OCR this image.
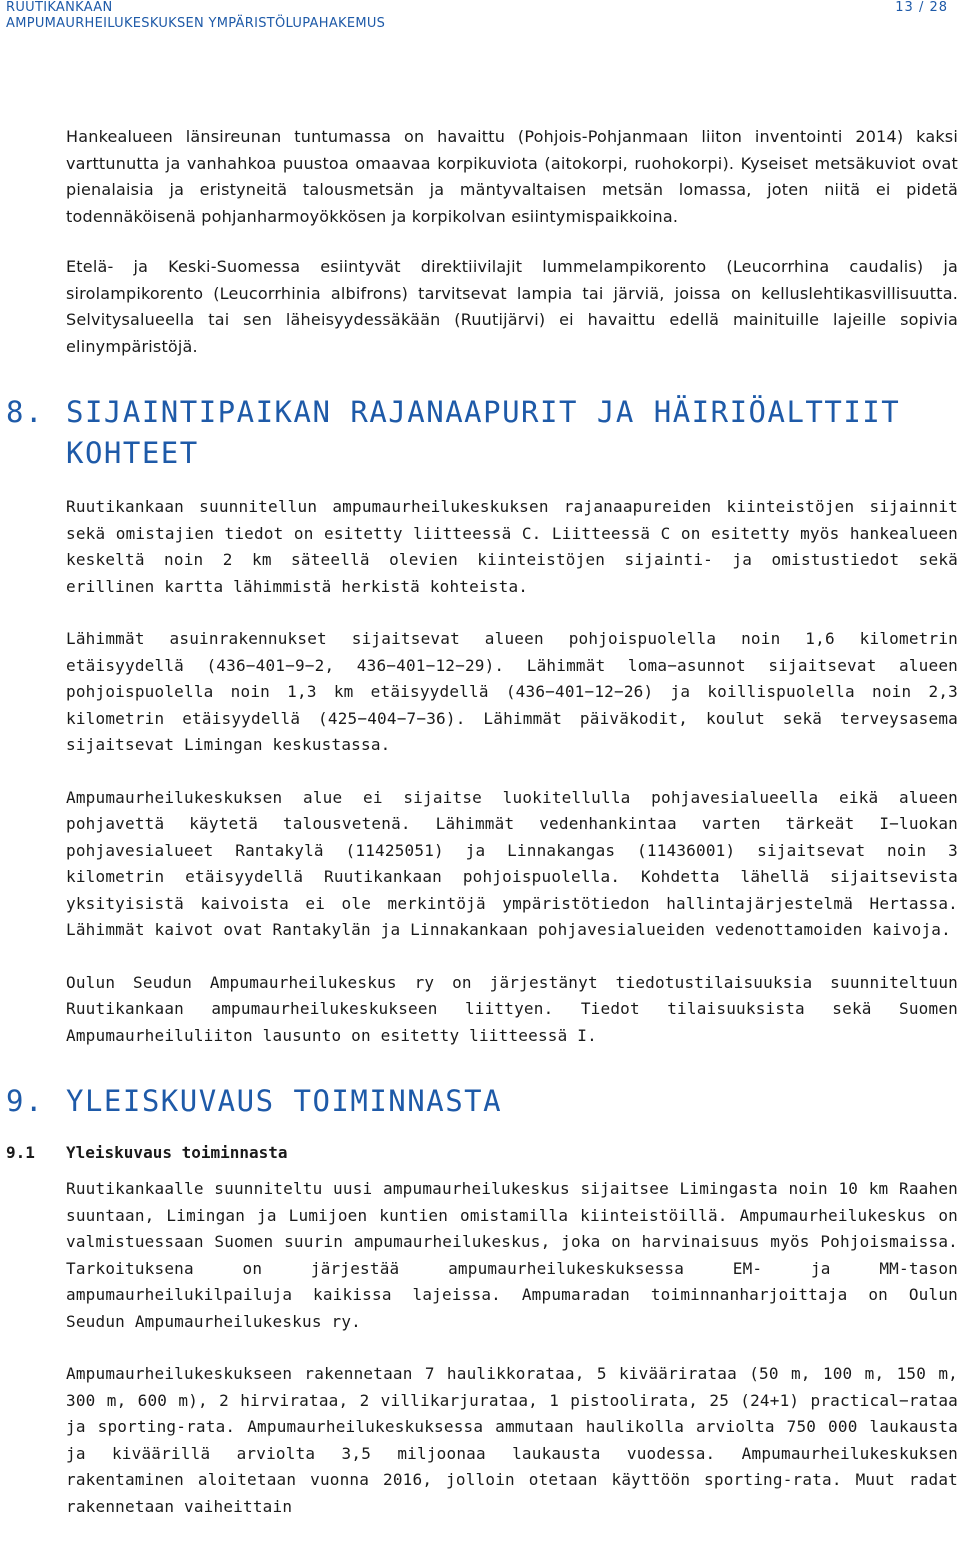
RUUTIKANKAAN
AMPUMAURHEILUKESKUKSEN YMPÄRISTÖLUPAHAKEMUS
13 / 28

Hankealueen länsireunan tuntumassa on havaittu (Pohjois-Pohjanmaan liiton inventointi 2014) kaksi varttunutta ja vanhahkoa puustoa omaavaa korpikuviota (aitokorpi, ruohokorpi). Kyseiset metsäkuviot ovat pienalaisia ja eristyneitä talousmetsän ja mäntyvaltaisen metsän lomassa, joten niitä ei pidetä todennäköisenä pohjanharmoyökkösen ja korpikolvan esiintymispaikkoina.

Etelä- ja Keski-Suomessa esiintyvät direktiivilajit lummelampikorento (Leucorrhina caudalis) ja sirolampikorento (Leucorrhinia albifrons) tarvitsevat lampia tai järviä, joissa on kelluslehtikasvillisuutta. Selvitysalueella tai sen läheisyydessäkään (Ruutijärvi) ei havaittu edellä mainituille lajeille sopivia elinympäristöjä.

8. SIJAINTIPAIKAN RAJANAAPURIT JA HÄIRIÖALTTIIT KOHTEET

Ruutikankaan suunnitellun ampumaurheilukeskuksen rajanaapureiden kiinteistöjen sijainnit sekä omistajien tiedot on esitetty liitteessä C. Liitteessä C on esitetty myös hankealueen keskeltä noin 2 km säteellä olevien kiinteistöjen sijainti- ja omistustiedot sekä erillinen kartta lähimmistä herkistä kohteista.

Lähimmät asuinrakennukset sijaitsevat alueen pohjoispuolella noin 1,6 kilometrin etäisyydellä (436−401−9−2, 436−401−12−29). Lähimmät loma−asunnot sijaitsevat alueen pohjoispuolella noin 1,3 km etäisyydellä (436−401−12−26) ja koillispuolella noin 2,3 kilometrin etäisyydellä (425−404−7−36). Lähimmät päiväkodit, koulut sekä terveysasema sijaitsevat Limingan keskustassa.

Ampumaurheilukeskuksen alue ei sijaitse luokitellulla pohjavesialueella eikä alueen pohjavettä käytetä talousvetenä. Lähimmät vedenhankintaa varten tärkeät I−luokan pohjavesialueet Rantakylä (11425051) ja Linnakangas (11436001) sijaitsevat noin 3 kilometrin etäisyydellä Ruutikankaan pohjoispuolella. Kohdetta lähellä sijaitsevista yksityisistä kaivoista ei ole merkintöjä ympäristötiedon hallintajärjestelmä Hertassa. Lähimmät kaivot ovat Rantakylän ja Linnakankaan pohjavesialueiden vedenottamoiden kaivoja.

Oulun Seudun Ampumaurheilukeskus ry on järjestänyt tiedotustilaisuuksia suunniteltuun Ruutikankaan ampumaurheilukeskukseen liittyen. Tiedot tilaisuuksista sekä Suomen Ampumaurheiluliiton lausunto on esitetty liitteessä I.

9. YLEISKUVAUS TOIMINNASTA
9.1 Yleiskuvaus toiminnasta

Ruutikankaalle suunniteltu uusi ampumaurheilukeskus sijaitsee Limingasta noin 10 km Raahen suuntaan, Limingan ja Lumijoen kuntien omistamilla kiinteistöillä. Ampumaurheilukeskus on valmistuessaan Suomen suurin ampumaurheilukeskus, joka on harvinaisuus myös Pohjoismaissa. Tarkoituksena on järjestää ampumaurheilukeskuksessa EM- ja MM-tason ampumaurheilukilpailuja kaikissa lajeissa. Ampumaradan toiminnanharjoittaja on Oulun Seudun Ampumaurheilukeskus ry.

Ampumaurheilukeskukseen rakennetaan 7 haulikkorataa, 5 kivääriratаa (50 m, 100 m, 150 m, 300 m, 600 m), 2 hirvirataa, 2 villikarjurataa, 1 pistoolirata, 25 (24+1) practical−rataa ja sporting-rata. Ampumaurheilukeskuksessa ammutaan haulikolla arviolta 750 000 laukausta ja kiväärillä arviolta 3,5 miljoonaa laukausta vuodessa. Ampumaurheilukeskuksen rakentaminen aloitetaan vuonna 2016, jolloin otetaan käyttöön sporting-rata. Muut radat rakennetaan vaiheittain
